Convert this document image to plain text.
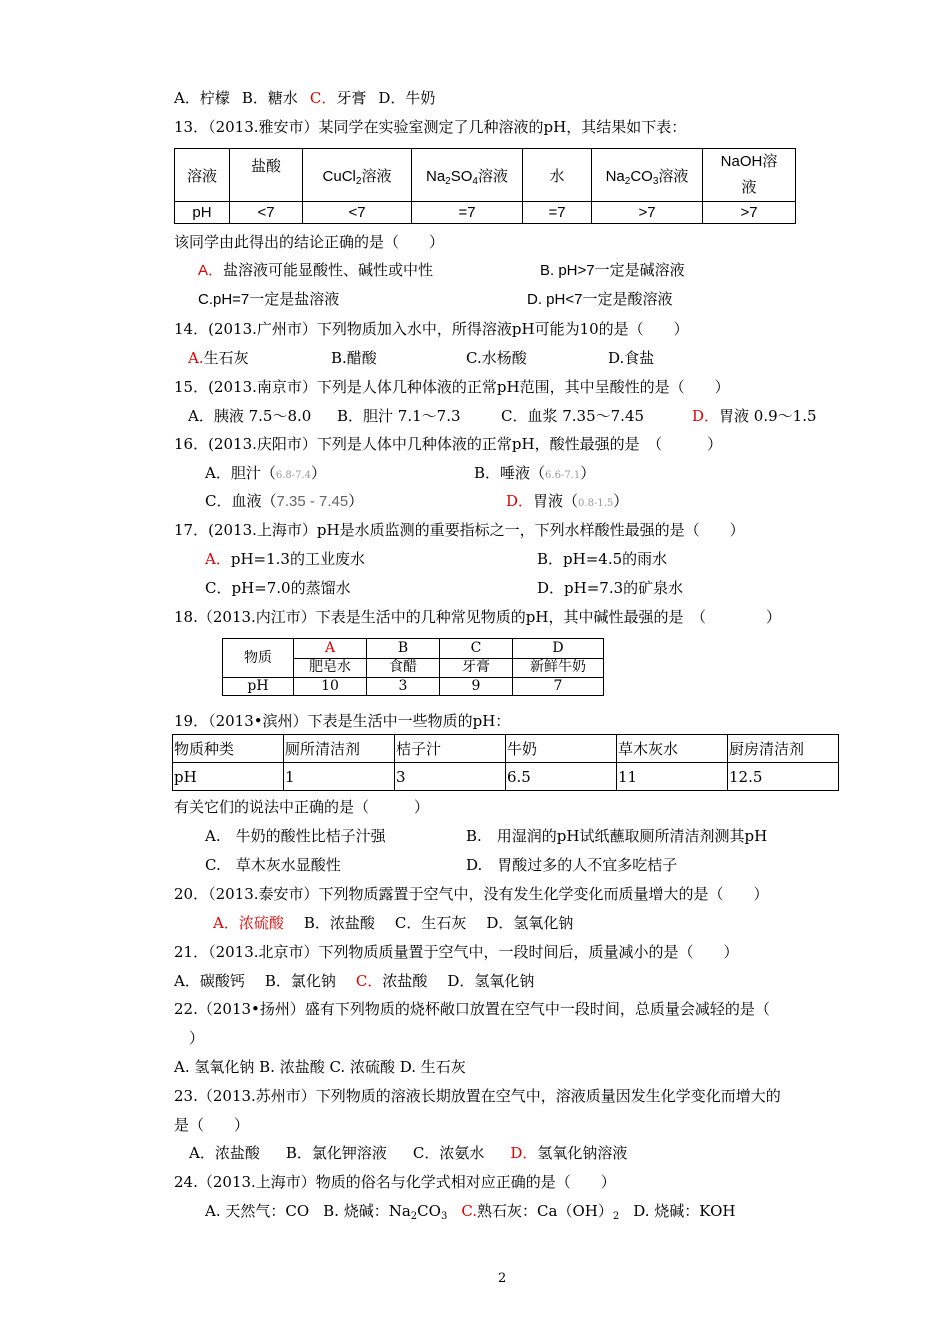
A．柠檬 B．糖水 C．牙膏 D．牛奶
13．（2013.雅安市）某同学在实验室测定了几种溶液的pH，其结果如下表：
溶液	盐酸	CuCl$_2$溶液	$Na_2SO_4$溶液	水	$Na_2CO_3$溶液	NaOH溶
液
pH	<7	<7	=7	=7	>7	>7
该同学由此得出的结论正确的是（　　）
A．盐溶液可能显酸性、碱性或中性	B. pH>7一定是碱溶液
C.pH=7一定是盐溶液	D. pH<7一定是酸溶液
14．(2013.广州市）下列物质加入水中，所得溶液pH可能为10的是（　　）
A.生石灰	B.醋酸	C.水杨酸	D.食盐
15．(2013.南京市）下列是人体几种体液的正常pH范围，其中呈酸性的是（　　）
A．胰液 7.5～8.0 B．胆汁 7.1～7.3	C．血浆 7.35～7.45	D．胃液 0.9～1.5
16．(2013.庆阳市）下列是人体中几种体液的正常pH，酸性最强的是　（　　　）
A．胆汁（6.8-7.4）	B．唾液（6.6-7.1）
C．血液（7.35 - 7.45）	D．胃液（0.8-1.5）
17．(2013.上海市）pH是水质监测的重要指标之一，下列水样酸性最强的是（　　）
A．pH=1.3的工业废水	B．pH=4.5的雨水
C．pH=7.0的蒸馏水	D．pH=7.3的矿泉水
18.（2013.内江市）下表是生活中的几种常见物质的pH，其中碱性最强的是　（　　　　）
物质	A	B	C	D
	肥皂水	食醋	牙膏	新鲜牛奶
pH	10	3	9	7
19．（2013•滨州）下表是生活中一些物质的pH：
物质种类	厕所清洁剂	桔子汁	牛奶	草木灰水	厨房清洁剂
pH	1	3	6.5	11	12.5
有关它们的说法中正确的是（　　　）
A.　牛奶的酸性比桔子汁强	B.　用湿润的pH试纸蘸取厕所清洁剂测其pH
C.　草木灰水显酸性	D.　胃酸过多的人不宜多吃桔子
20．（2013.泰安市）下列物质露置于空气中，没有发生化学变化而质量增大的是（　　）
A．浓硫酸 B．浓盐酸 C．生石灰 D．氢氧化钠
21．（2013.北京市）下列物质质量置于空气中，一段时间后，质量减小的是（　　）
A．碳酸钙 B．氯化钠 C．浓盐酸 D．氢氧化钠
22.（2013•扬州）盛有下列物质的烧杯敞口放置在空气中一段时间，总质量会减轻的是（
）
A. 氢氧化钠 B. 浓盐酸 C. 浓硫酸 D. 生石灰
23.（2013.苏州市）下列物质的溶液长期放置在空气中，溶液质量因发生化学变化而增大的
是（　　）
A．浓盐酸 B．氯化钾溶液 C．浓氨水 D．氢氧化钠溶液
24.（2013.上海市）物质的俗名与化学式相对应正确的是（　　）
A. 天然气：CO B. 烧碱：$Na_2CO_3$ C.熟石灰：$Ca(OH)_2$ D. 烧碱：KOH
2
